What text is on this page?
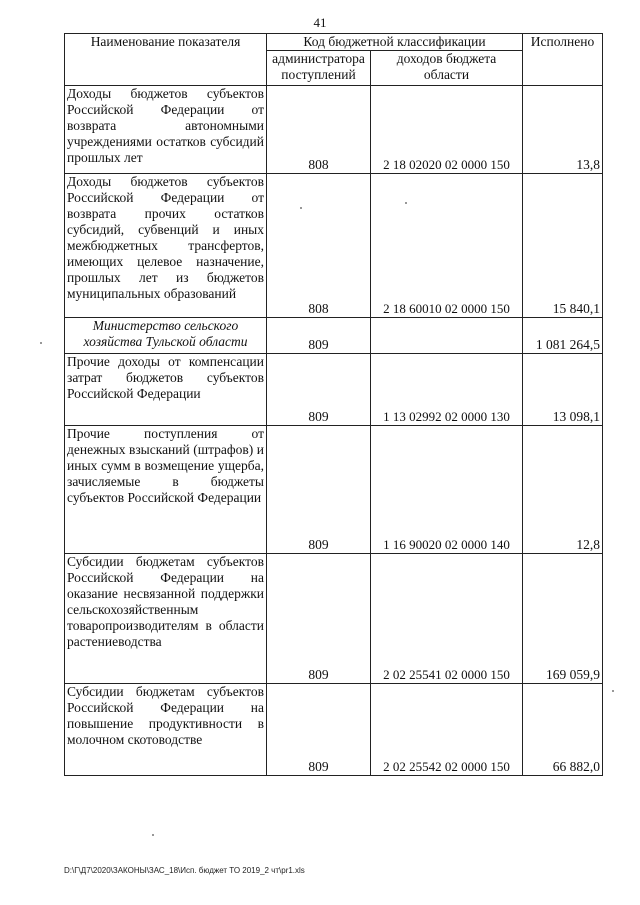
41
Наименование показателя	Код бюджетной классификации		Исполнено
	администратора поступлений	доходов бюджета области	
Доходы бюджетов субъектов Российской Федерации от возврата автономными учреждениями остатков субсидий прошлых лет	808	2 18 02020 02 0000 150	13,8
Доходы бюджетов субъектов Российской Федерации от возврата прочих остатков субсидий, субвенций и иных межбюджетных трансфертов, имеющих целевое назначение, прошлых лет из бюджетов муниципальных образований	808	2 18 60010 02 0000 150	15 840,1
Министерство сельского хозяйства Тульской области	809		1 081 264,5
Прочие доходы от компенсации затрат бюджетов субъектов Российской Федерации	809	1 13 02992 02 0000 130	13 098,1
Прочие поступления от денежных взысканий (штрафов) и иных сумм в возмещение ущерба, зачисляемые в бюджеты субъектов Российской Федерации	809	1 16 90020 02 0000 140	12,8
Субсидии бюджетам субъектов Российской Федерации на оказание несвязанной поддержки сельскохозяйственным товаропроизводителям в области растениеводства	809	2 02 25541 02 0000 150	169 059,9
Субсидии бюджетам субъектов Российской Федерации на повышение продуктивности в молочном скотоводстве	809	2 02 25542 02 0000 150	66 882,0
D:\Г\Д7\2020\ЗАКОНЫ\ЗАС_18\Исп. бюджет ТО 2019_2 чт\pr1.xls
